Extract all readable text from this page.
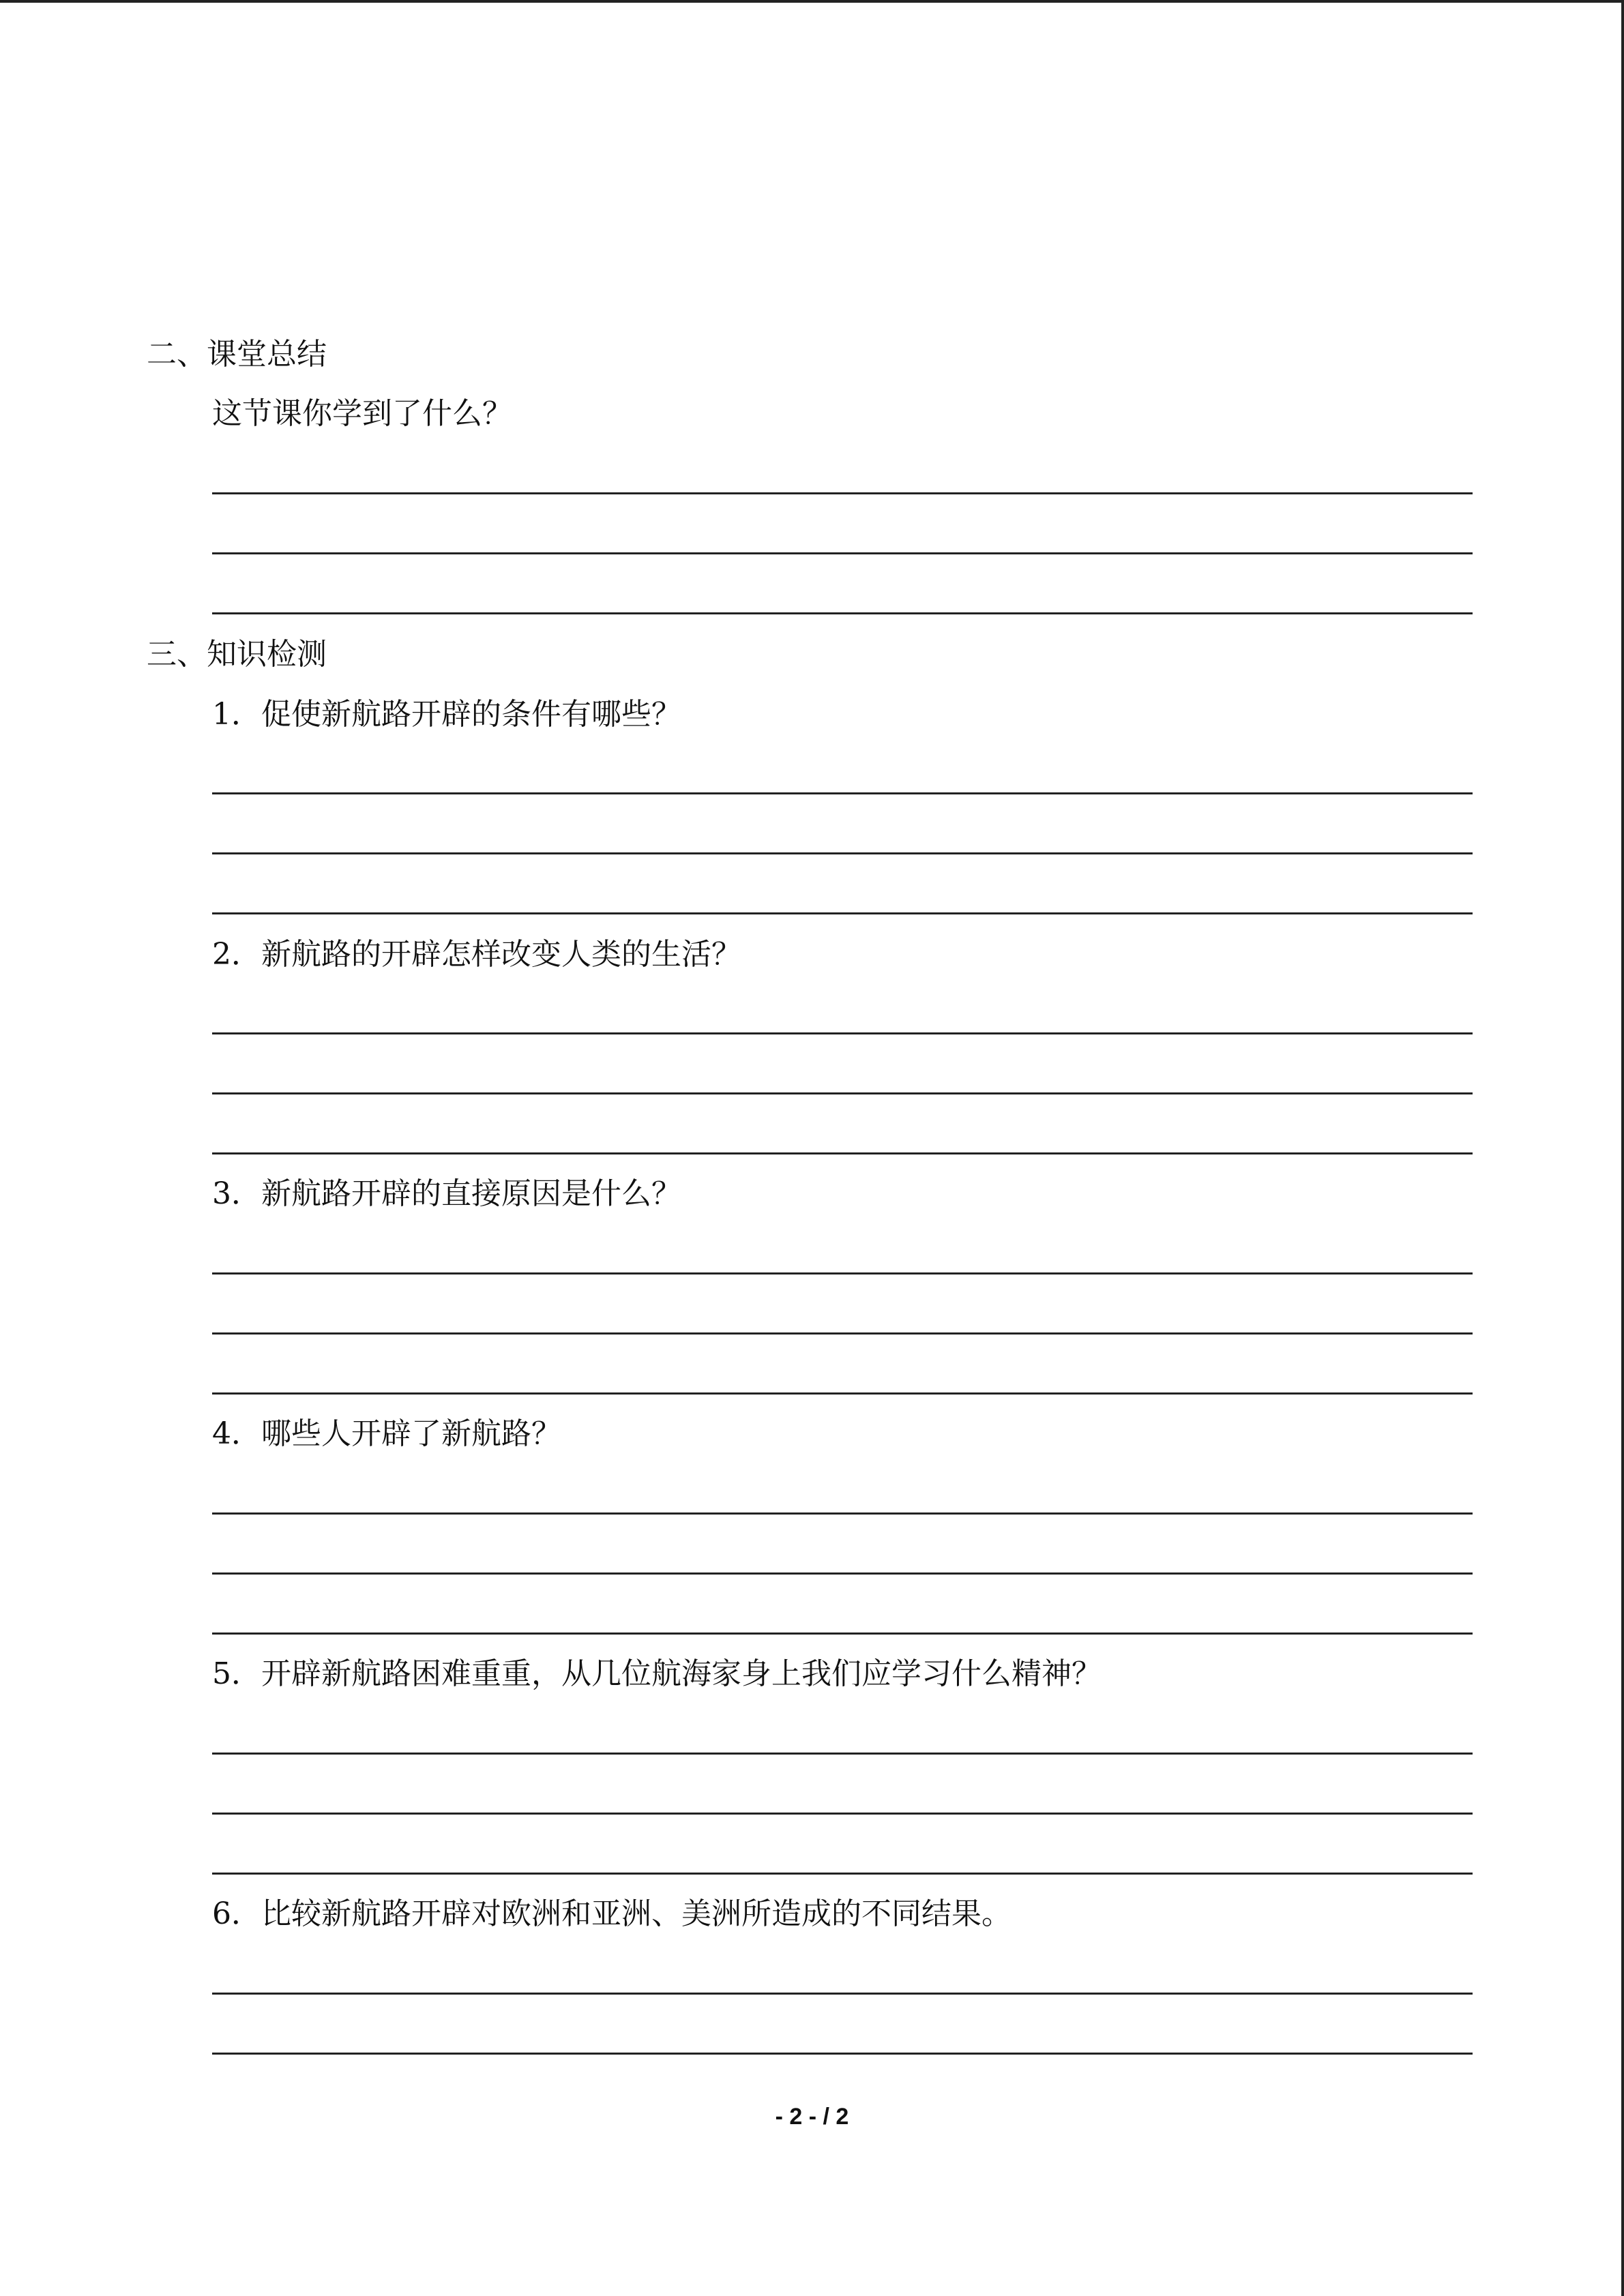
二、课堂总结
这节课你学到了什么？
三、知识检测
1．促使新航路开辟的条件有哪些？
2．新航路的开辟怎样改变人类的生活？
3．新航路开辟的直接原因是什么？
4．哪些人开辟了新航路？
5．开辟新航路困难重重，从几位航海家身上我们应学习什么精神？
6．比较新航路开辟对欧洲和亚洲、美洲所造成的不同结果。
- 2 - / 2
